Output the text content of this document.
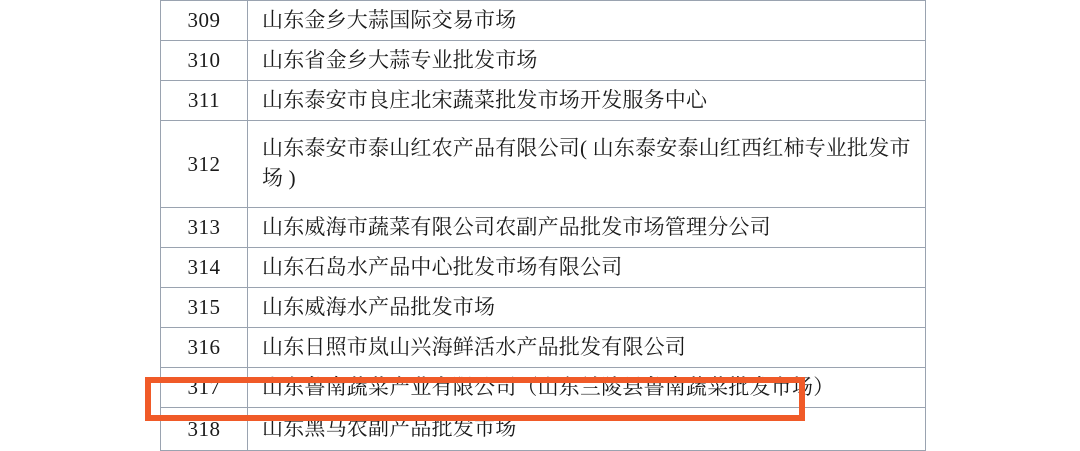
309	山东金乡大蒜国际交易市场
310	山东省金乡大蒜专业批发市场
311	山东泰安市良庄北宋蔬菜批发市场开发服务中心
312	山东泰安市泰山红农产品有限公司( 山东泰安泰山红西红柿专业批发市场 )
313	山东威海市蔬菜有限公司农副产品批发市场管理分公司
314	山东石岛水产品中心批发市场有限公司
315	山东威海水产品批发市场
316	山东日照市岚山兴海鲜活水产品批发有限公司
317	山东鲁南蔬菜产业有限公司（山东兰陵县鲁南蔬菜批发市场）
318	山东黑马农副产品批发市场
